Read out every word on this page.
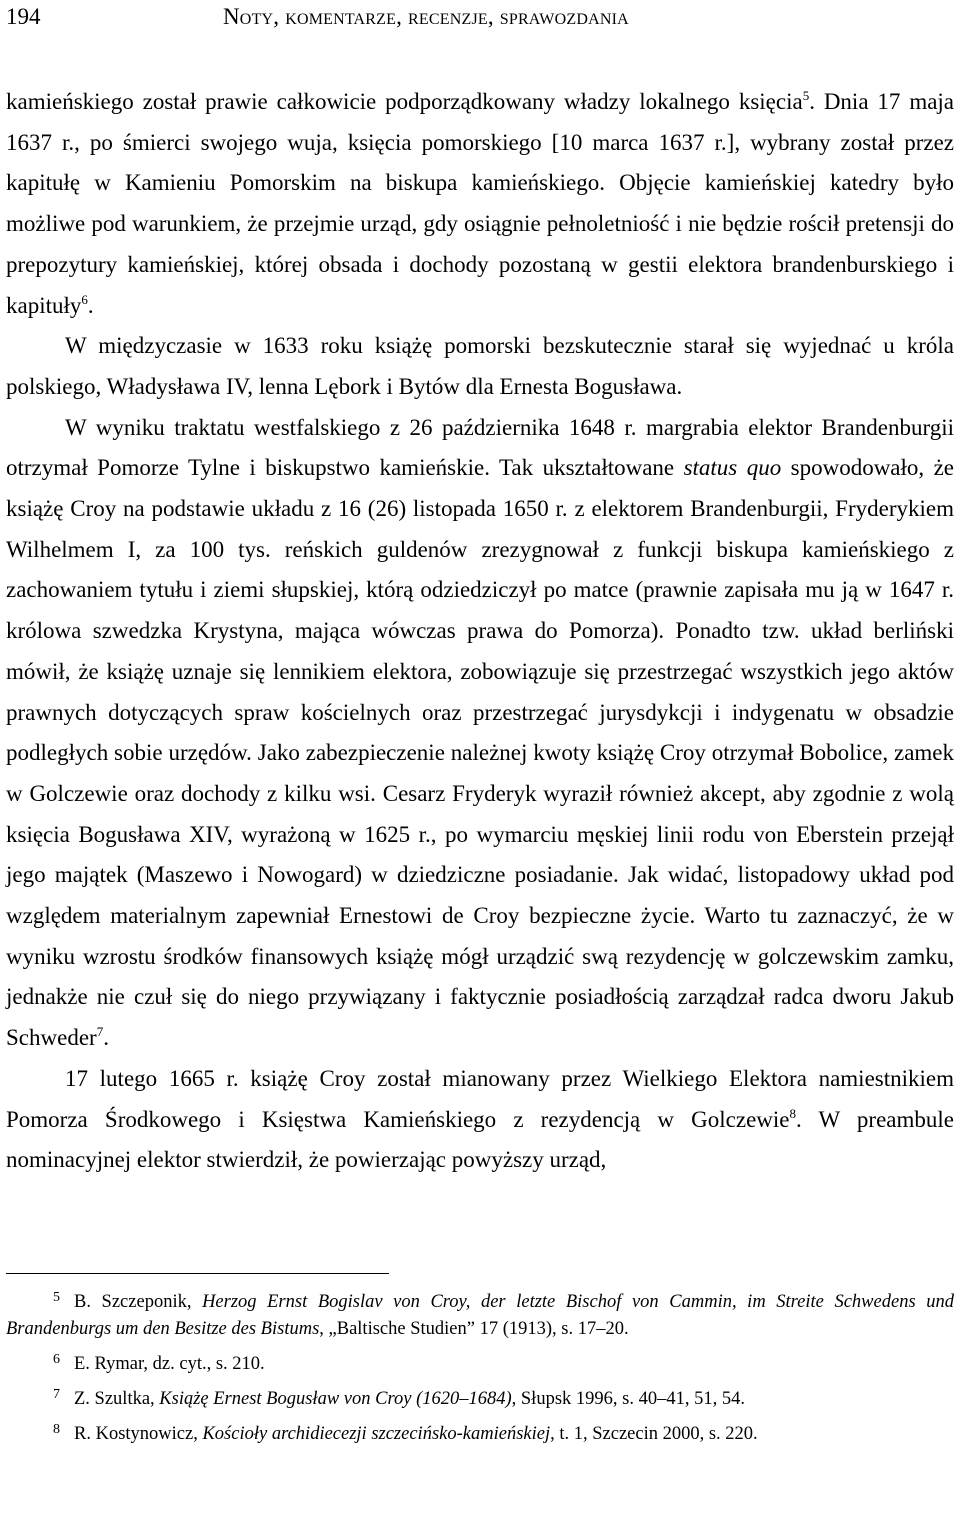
194	Noty, komentarze, recenzje, sprawozdania

kamieńskiego został prawie całkowicie podporządkowany władzy lokalnego księcia$^5$. Dnia 17 maja 1637 r., po śmierci swojego wuja, księcia pomorskiego [10 marca 1637 r.], wybrany został przez kapitułę w Kamieniu Pomorskim na biskupa kamieńskiego. Objęcie kamieńskiej katedry było możliwe pod warunkiem, że przejmie urząd, gdy osiągnie pełnoletniość i nie będzie rościł pretensji do prepozytury kamieńskiej, której obsada i dochody pozostaną w gestii elektora brandenburskiego i kapituły$^6$.

W międzyczasie w 1633 roku książę pomorski bezskutecznie starał się wyjednać u króla polskiego, Władysława IV, lenna Lębork i Bytów dla Ernesta Bogusława.

W wyniku traktatu westfalskiego z 26 października 1648 r. margrabia elektor Brandenburgii otrzymał Pomorze Tylne i biskupstwo kamieńskie. Tak ukształtowane status quo spowodowało, że książę Croy na podstawie układu z 16 (26) listopada 1650 r. z elektorem Brandenburgii, Fryderykiem Wilhelmem I, za 100 tys. reńskich guldenów zrezygnował z funkcji biskupa kamieńskiego z zachowaniem tytułu i ziemi słupskiej, którą odziedziczył po matce (prawnie zapisała mu ją w 1647 r. królowa szwedzka Krystyna, mająca wówczas prawa do Pomorza). Ponadto tzw. układ berliński mówił, że książę uznaje się lennikiem elektora, zobowiązuje się przestrzegać wszystkich jego aktów prawnych dotyczących spraw kościelnych oraz przestrzegać jurysdykcji i indygenatu w obsadzie podległych sobie urzędów. Jako zabezpieczenie należnej kwoty książę Croy otrzymał Bobolice, zamek w Golczewie oraz dochody z kilku wsi. Cesarz Fryderyk wyraził również akcept, aby zgodnie z wolą księcia Bogusława XIV, wyrażoną w 1625 r., po wymarciu męskiej linii rodu von Eberstein przejął jego majątek (Maszewo i Nowogard) w dziedziczne posiadanie. Jak widać, listopadowy układ pod względem materialnym zapewniał Ernestowi de Croy bezpieczne życie. Warto tu zaznaczyć, że w wyniku wzrostu środków finansowych książę mógł urządzić swą rezydencję w golczewskim zamku, jednakże nie czuł się do niego przywiązany i faktycznie posiadłością zarządzał radca dworu Jakub Schweder$^7$.

17 lutego 1665 r. książę Croy został mianowany przez Wielkiego Elektora namiestnikiem Pomorza Środkowego i Księstwa Kamieńskiego z rezydencją w Golczewie$^8$. W preambule nominacyjnej elektor stwierdził, że powierzając powyższy urząd,

5 B. Szczeponik, Herzog Ernst Bogislav von Croy, der letzte Bischof von Cammin, im Streite Schwedens und Brandenburgs um den Besitze des Bistums, „Baltische Studien” 17 (1913), s. 17–20.

6 E. Rymar, dz. cyt., s. 210.

7 Z. Szultka, Książę Ernest Bogusław von Croy (1620–1684), Słupsk 1996, s. 40–41, 51, 54.

8 R. Kostynowicz, Kościoły archidiecezji szczecińsko-kamieńskiej, t. 1, Szczecin 2000, s. 220.
